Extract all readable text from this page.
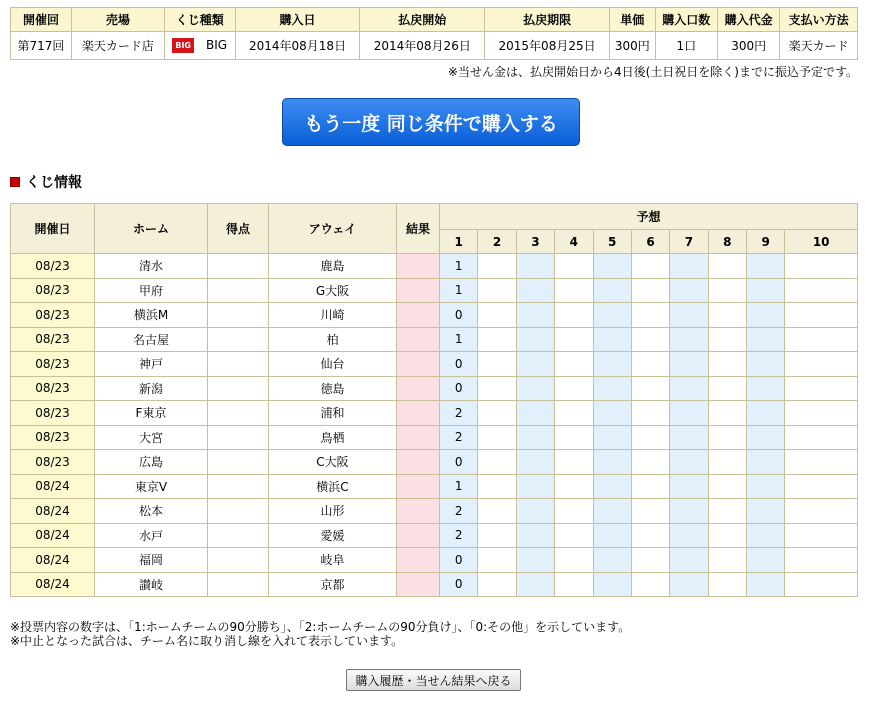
開催回	売場	くじ種類	購入日	払戻開始	払戻期限	単価	購入口数	購入代金	支払い方法
第717回	楽天カード店	BIG BIG	2014年08月18日	2014年08月26日	2015年08月25日	300円	1口	300円	楽天カード
※当せん金は、払戻開始日から4日後(土日祝日を除く)までに振込予定です。
もう一度 同じ条件で購入する
くじ情報
開催日	ホーム	得点	アウェイ	結果	予想									
					1	2	3	4	5	6	7	8	9	10
08/23	清水		鹿島		1									
08/23	甲府		G大阪		1									
08/23	横浜M		川崎		0									
08/23	名古屋		柏		1									
08/23	神戸		仙台		0									
08/23	新潟		徳島		0									
08/23	F東京		浦和		2									
08/23	大宮		鳥栖		2									
08/23	広島		C大阪		0									
08/24	東京V		横浜C		1									
08/24	松本		山形		2									
08/24	水戸		愛媛		2									
08/24	福岡		岐阜		0									
08/24	讃岐		京都		0									
※投票内容の数字は、「1:ホームチームの90分勝ち」、「2:ホームチームの90分負け」、「0:その他」を示しています。
※中止となった試合は、チーム名に取り消し線を入れて表示しています。
購入履歴・当せん結果へ戻る
